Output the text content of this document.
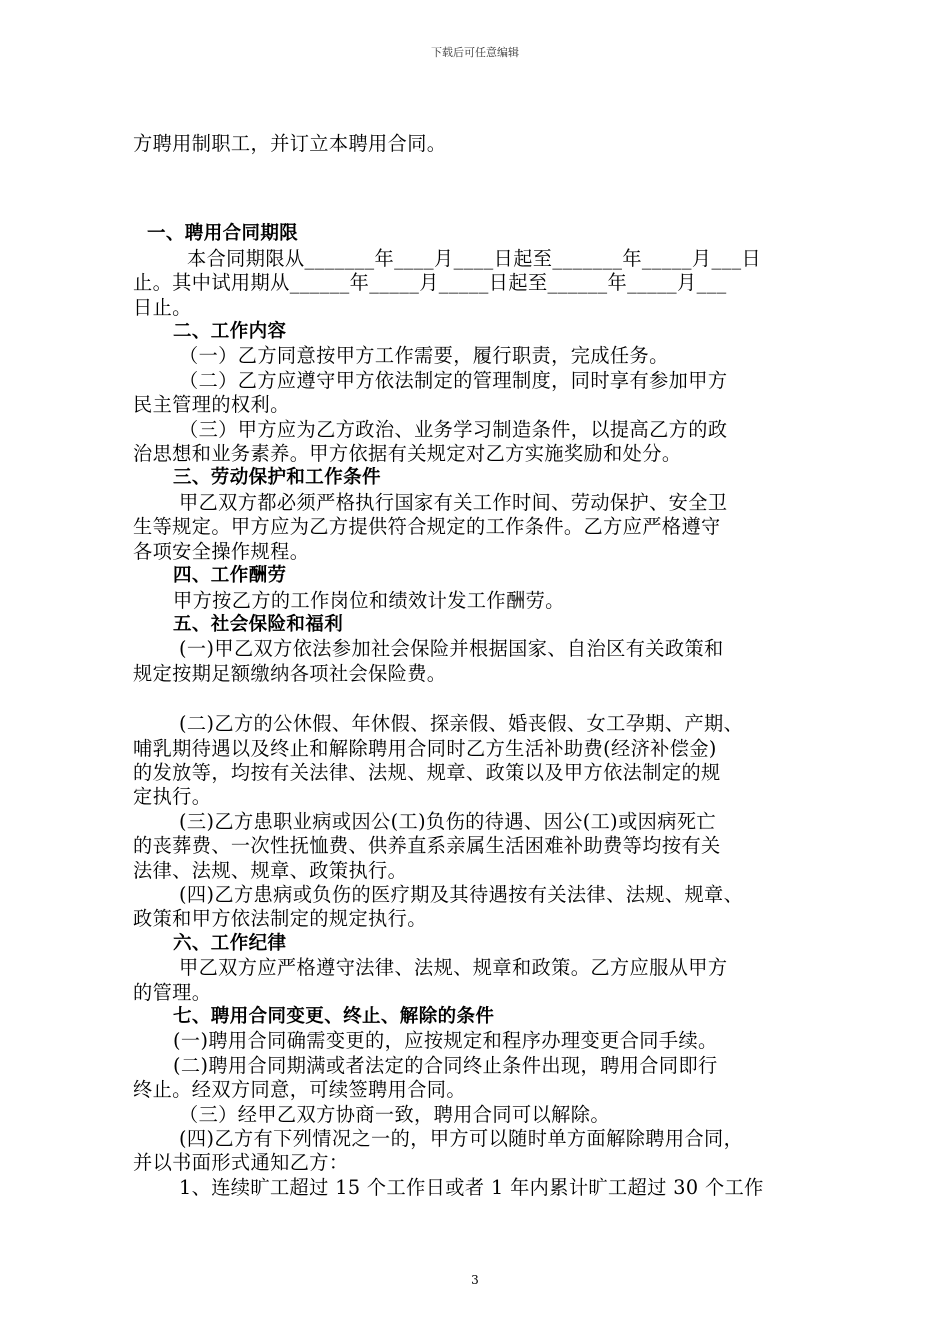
下载后可任意编辑

方聘用制职工，并订立本聘用合同。

一、聘用合同期限

本合同期限从_______年____月____日起至_______年_____月___日

止。其中试用期从______年_____月_____日起至______年_____月___

日止。

二、工作内容

（一）乙方同意按甲方工作需要，履行职责，完成任务。

（二）乙方应遵守甲方依法制定的管理制度，同时享有参加甲方

民主管理的权利。

（三）甲方应为乙方政治、业务学习制造条件，以提高乙方的政

治思想和业务素养。甲方依据有关规定对乙方实施奖励和处分。

三、劳动保护和工作条件

甲乙双方都必须严格执行国家有关工作时间、劳动保护、安全卫

生等规定。甲方应为乙方提供符合规定的工作条件。乙方应严格遵守

各项安全操作规程。

四、工作酬劳

甲方按乙方的工作岗位和绩效计发工作酬劳。

五、社会保险和福利

(一)甲乙双方依法参加社会保险并根据国家、自治区有关政策和

规定按期足额缴纳各项社会保险费。

(二)乙方的公休假、年休假、探亲假、婚丧假、女工孕期、产期、

哺乳期待遇以及终止和解除聘用合同时乙方生活补助费(经济补偿金)

的发放等，均按有关法律、法规、规章、政策以及甲方依法制定的规

定执行。

(三)乙方患职业病或因公(工)负伤的待遇、因公(工)或因病死亡

的丧葬费、一次性抚恤费、供养直系亲属生活困难补助费等均按有关

法律、法规、规章、政策执行。

(四)乙方患病或负伤的医疗期及其待遇按有关法律、法规、规章、

政策和甲方依法制定的规定执行。

六、工作纪律

甲乙双方应严格遵守法律、法规、规章和政策。乙方应服从甲方

的管理。

七、聘用合同变更、终止、解除的条件

(一)聘用合同确需变更的，应按规定和程序办理变更合同手续。

(二)聘用合同期满或者法定的合同终止条件出现，聘用合同即行

终止。经双方同意，可续签聘用合同。

（三）经甲乙双方协商一致，聘用合同可以解除。

(四)乙方有下列情况之一的，甲方可以随时单方面解除聘用合同，

并以书面形式通知乙方：

1、连续旷工超过 15 个工作日或者 1 年内累计旷工超过 30 个工作

3
